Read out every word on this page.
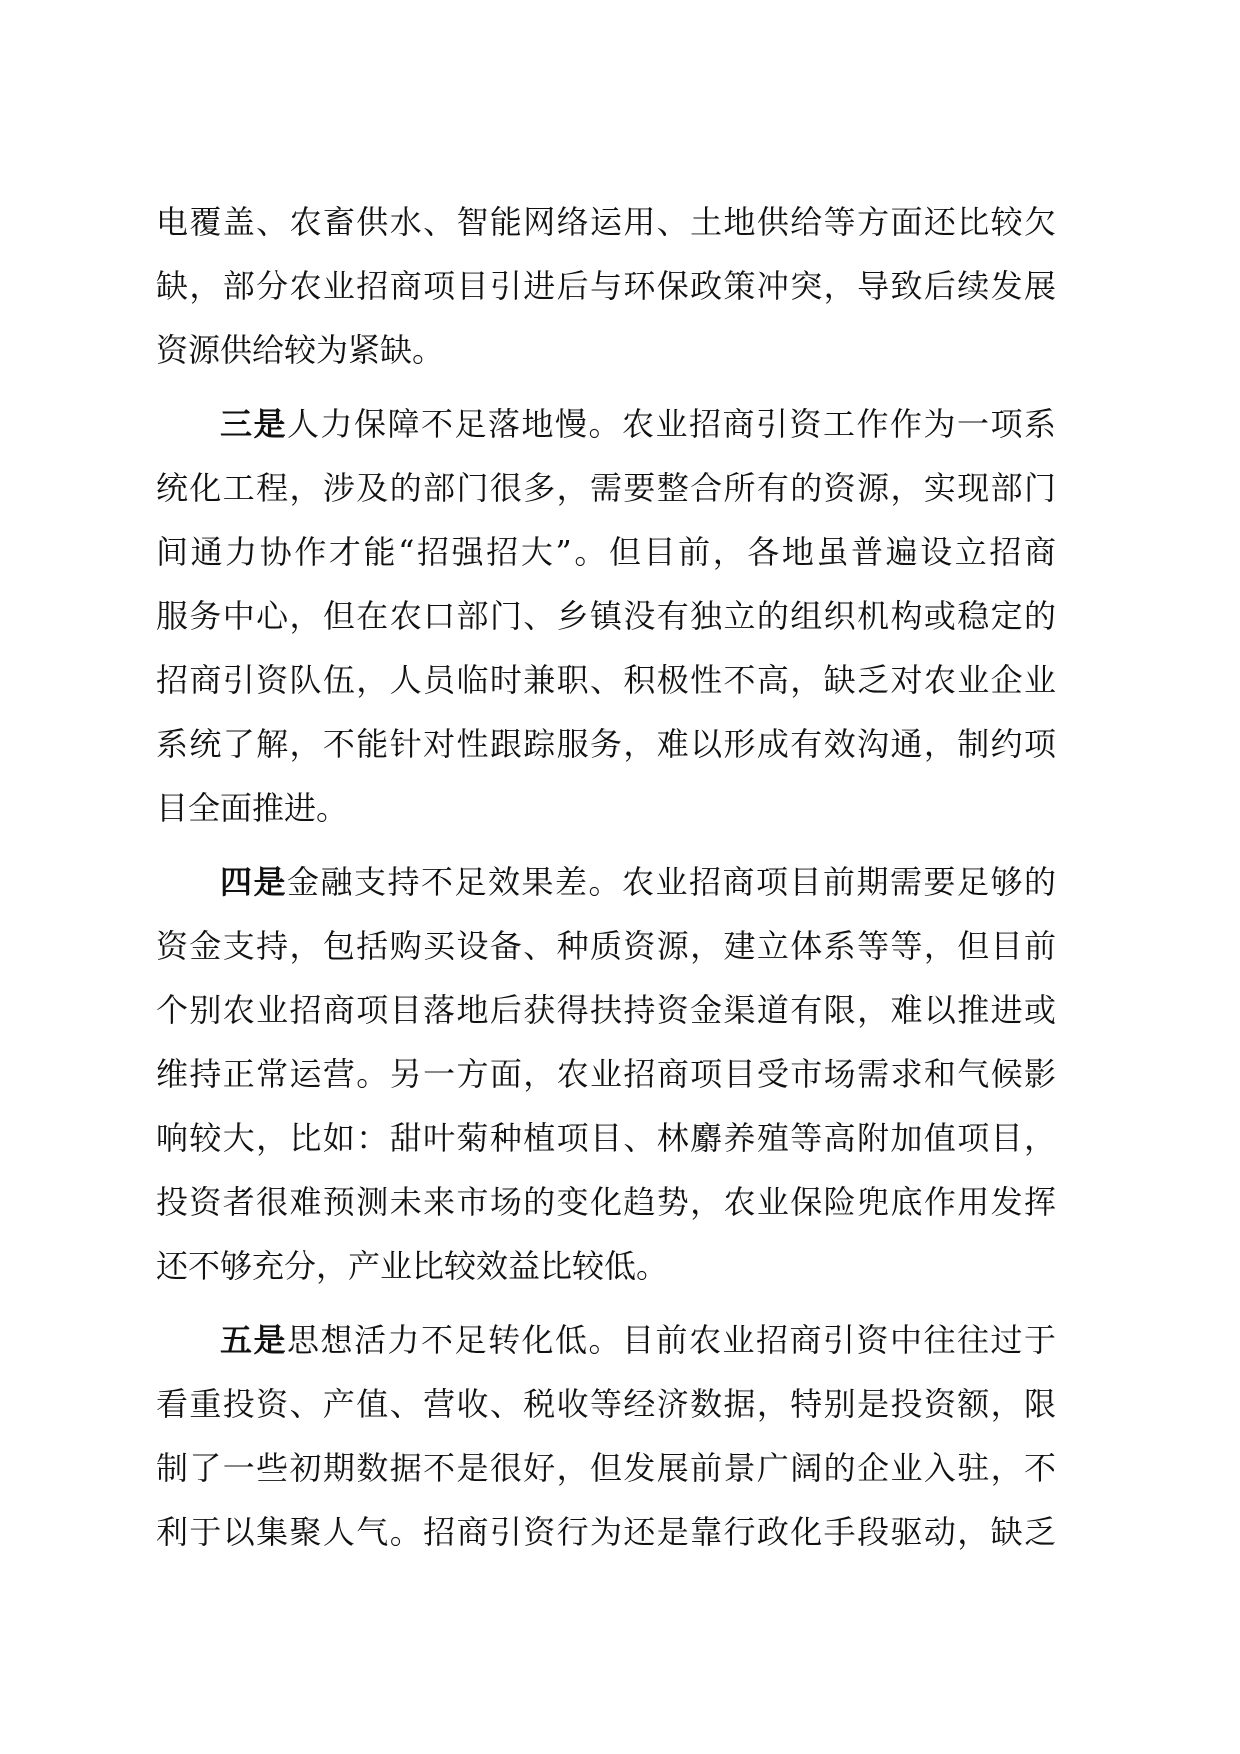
电覆盖、农畜供水、智能网络运用、土地供给等方面还比较欠
缺，部分农业招商项目引进后与环保政策冲突，导致后续发展
资源供给较为紧缺。
三是人力保障不足落地慢。农业招商引资工作作为一项系
统化工程，涉及的部门很多，需要整合所有的资源，实现部门
间通力协作才能“招强招大”。但目前，各地虽普遍设立招商
服务中心，但在农口部门、乡镇没有独立的组织机构或稳定的
招商引资队伍，人员临时兼职、积极性不高，缺乏对农业企业
系统了解，不能针对性跟踪服务，难以形成有效沟通，制约项
目全面推进。
四是金融支持不足效果差。农业招商项目前期需要足够的
资金支持，包括购买设备、种质资源，建立体系等等，但目前
个别农业招商项目落地后获得扶持资金渠道有限，难以推进或
维持正常运营。另一方面，农业招商项目受市场需求和气候影
响较大，比如：甜叶菊种植项目、林麝养殖等高附加值项目，
投资者很难预测未来市场的变化趋势，农业保险兜底作用发挥
还不够充分，产业比较效益比较低。
五是思想活力不足转化低。目前农业招商引资中往往过于
看重投资、产值、营收、税收等经济数据，特别是投资额，限
制了一些初期数据不是很好，但发展前景广阔的企业入驻，不
利于以集聚人气。招商引资行为还是靠行政化手段驱动，缺乏
